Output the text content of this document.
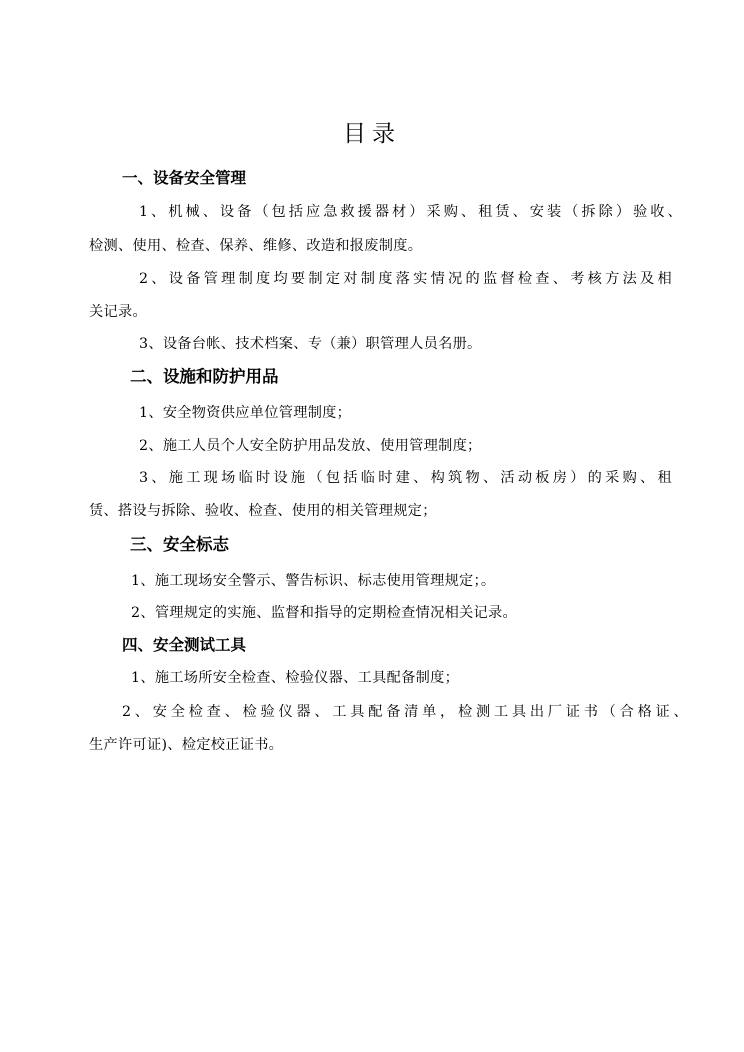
目录
一、设备安全管理
1、机械、设备（包括应急救援器材）采购、租赁、安装（拆除）验收、
检测、使用、检查、保养、维修、改造和报废制度。
2、设备管理制度均要制定对制度落实情况的监督检查、考核方法及相
关记录。
3、设备台帐、技术档案、专（兼）职管理人员名册。
二、设施和防护用品
1、安全物资供应单位管理制度；
2、施工人员个人安全防护用品发放、使用管理制度；
3、施工现场临时设施（包括临时建、构筑物、活动板房）的采购、租
赁、搭设与拆除、验收、检查、使用的相关管理规定；
三、安全标志
1、施工现场安全警示、警告标识、标志使用管理规定；。
2、管理规定的实施、监督和指导的定期检查情况相关记录。
四、安全测试工具
1、施工场所安全检查、检验仪器、工具配备制度；
2、安全检查、检验仪器、工具配备清单，检测工具出厂证书（合格证、
生产许可证)、检定校正证书。
